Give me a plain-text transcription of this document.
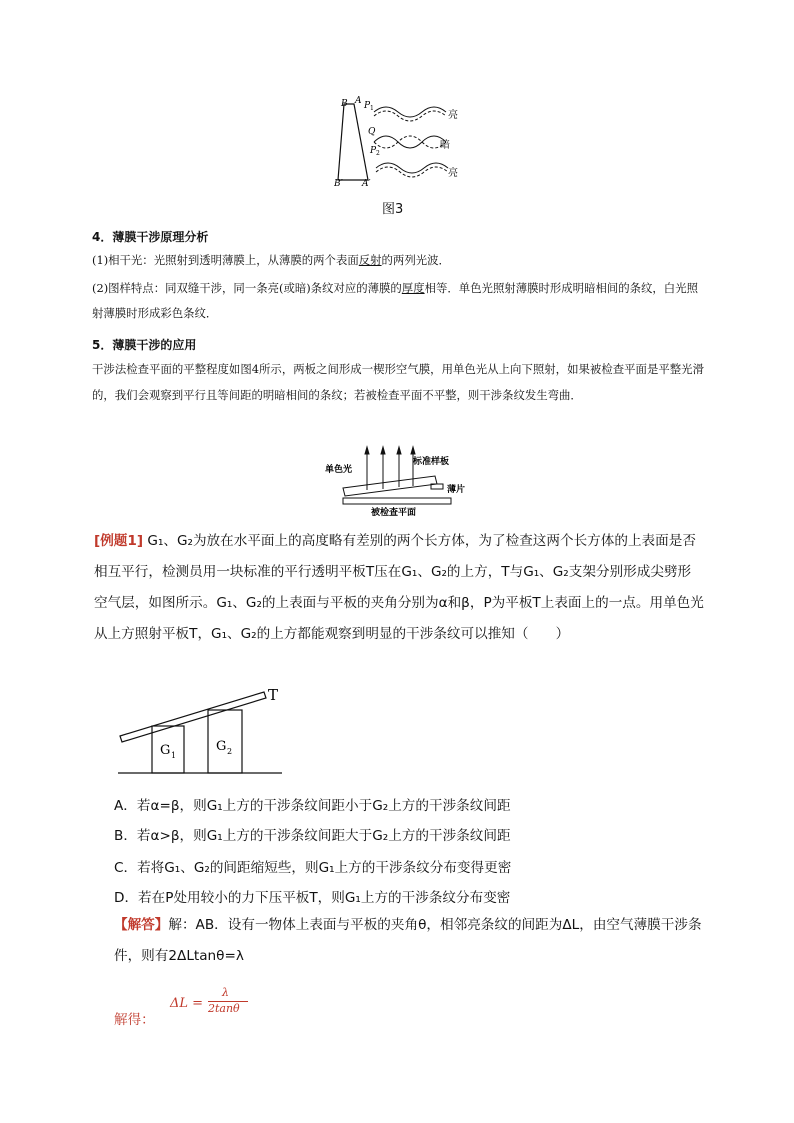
B A P 1
Q
P 2
B′ A′
亮
暗
亮
图3
4．薄膜干涉原理分析
(1)相干光：光照射到透明薄膜上，从薄膜的两个表面反射的两列光波．
(2)图样特点：同双缝干涉，同一条亮(或暗)条纹对应的薄膜的厚度相等．单色光照射薄膜时形成明暗相间的条纹，白光照射薄膜时形成彩色条纹．
5．薄膜干涉的应用
干涉法检查平面的平整程度如图4所示，两板之间形成一楔形空气膜，用单色光从上向下照射，如果被检查平面是平整光滑的，我们会观察到平行且等间距的明暗相间的条纹；若被检查平面不平整，则干涉条纹发生弯曲．
单色光
标准样板
薄片
被检查平面
[例题1] G₁、G₂为放在水平面上的高度略有差别的两个长方体，为了检查这两个长方体的上表面是否相互平行，检测员用一块标准的平行透明平板T压在G₁、G₂的上方，T与G₁、G₂支架分别形成尖劈形空气层，如图所示。G₁、G₂的上表面与平板的夹角分别为α和β，P为平板T上表面上的一点。用单色光从上方照射平板T，G₁、G₂的上方都能观察到明显的干涉条纹可以推知（　　）
T
G 1
G 2
A．若α=β，则G₁上方的干涉条纹间距小于G₂上方的干涉条纹间距
B．若α>β，则G₁上方的干涉条纹间距大于G₂上方的干涉条纹间距
C．若将G₁、G₂的间距缩短些，则G₁上方的干涉条纹分布变得更密
D．若在P处用较小的力下压平板T，则G₁上方的干涉条纹分布变密
【解答】解：AB．设有一物体上表面与平板的夹角θ，相邻亮条纹的间距为ΔL，由空气薄膜干涉条件，则有2ΔLtanθ=λ
解得：
ΔL =
λ
2tanθ
